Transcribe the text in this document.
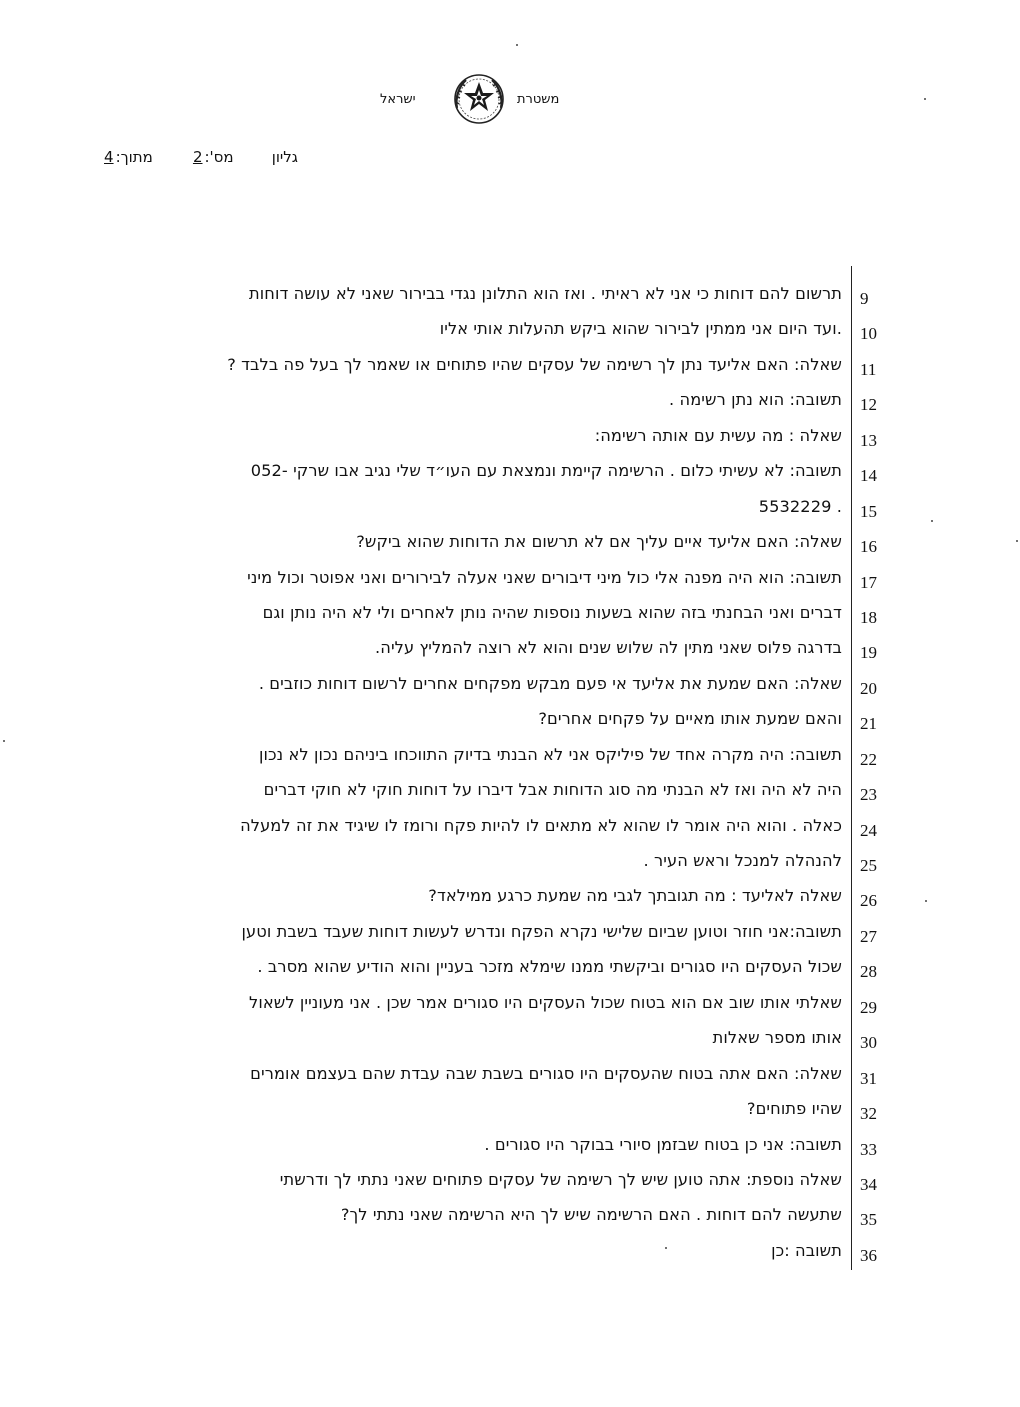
ישראל	משטרת
גליון
מס':2
מתוך:4
9
תרשום להם דוחות כי אני לא ראיתי . ואז הוא התלונן נגדי בבירור שאני לא עושה דוחות
10
.ועד היום אני ממתין לבירור שהוא ביקש תהעלות אותי אליו
11
שאלה: האם אליעד נתן לך רשימה של עסקים שהיו פתוחים או שאמר לך בעל פה בלבד ?
12
תשובה: הוא נתן רשימה .
13
שאלה : מה עשית עם אותה רשימה:
14
תשובה: לא עשיתי כלום . הרשימה קיימת ונמצאת עם העו״ד שלי נגיב אבו שרקי -052
15
. 5532229
16
שאלה: האם אליעד איים עליך אם לא תרשום את הדוחות שהוא ביקש?
17
תשובה: הוא היה מפנה אלי כול מיני דיבורים שאני אעלה לבירורים ואני אפוטר וכול מיני
18
דברים ואני הבחנתי בזה שהוא בשעות נוספות שהיה נותן לאחרים ולי לא היה נותן וגם
19
בדרגה פלוס שאני מתין לה שלוש שנים והוא לא רוצה להמליץ עליה.
20
שאלה: האם שמעת את אליעד אי פעם מבקש מפקחים אחרים לרשום דוחות כוזבים .
21
והאם שמעת אותו מאיים על פקחים אחרים?
22
תשובה: היה מקרה אחד של פיליקס אני לא הבנתי בדיוק התווכחו ביניהם נכון לא נכון
23
היה לא היה ואז לא הבנתי מה סוג הדוחות אבל דיברו על דוחות חוקי לא חוקי דברים
24
כאלה . והוא היה אומר לו שהוא לא מתאים לו להיות פקח ורומז לו שיגיד את זה למעלה
25
להנהלה למנכל וראש העיר .
26
שאלה לאליעד : מה תגובתך לגבי מה שמעת כרגע ממילאד?
27
תשובה:אני חוזר וטוען שביום שלישי נקרא הפקח ונדרש לעשות דוחות שעבד בשבת וטען
28
שכול העסקים היו סגורים וביקשתי ממנו שימלא מזכר בעניין והוא הודיע שהוא מסרב .
29
שאלתי אותו שוב אם הוא בטוח שכול העסקים היו סגורים אמר שכן . אני מעוניין לשאול
30
אותו מספר שאלות
31
שאלה: האם אתה בטוח שהעסקים היו סגורים בשבת שבה עבדת שהם בעצמם אומרים
32
שהיו פתוחים?
33
תשובה: אני כן בטוח שבזמן סיורי בבוקר היו סגורים .
34
שאלה נוספת: אתה טוען שיש לך רשימה של עסקים פתוחים שאני נתתי לך ודרשתי
35
שתעשה להם דוחות . האם הרשימה שיש לך היא הרשימה שאני נתתי לך?
36
תשובה :כן
